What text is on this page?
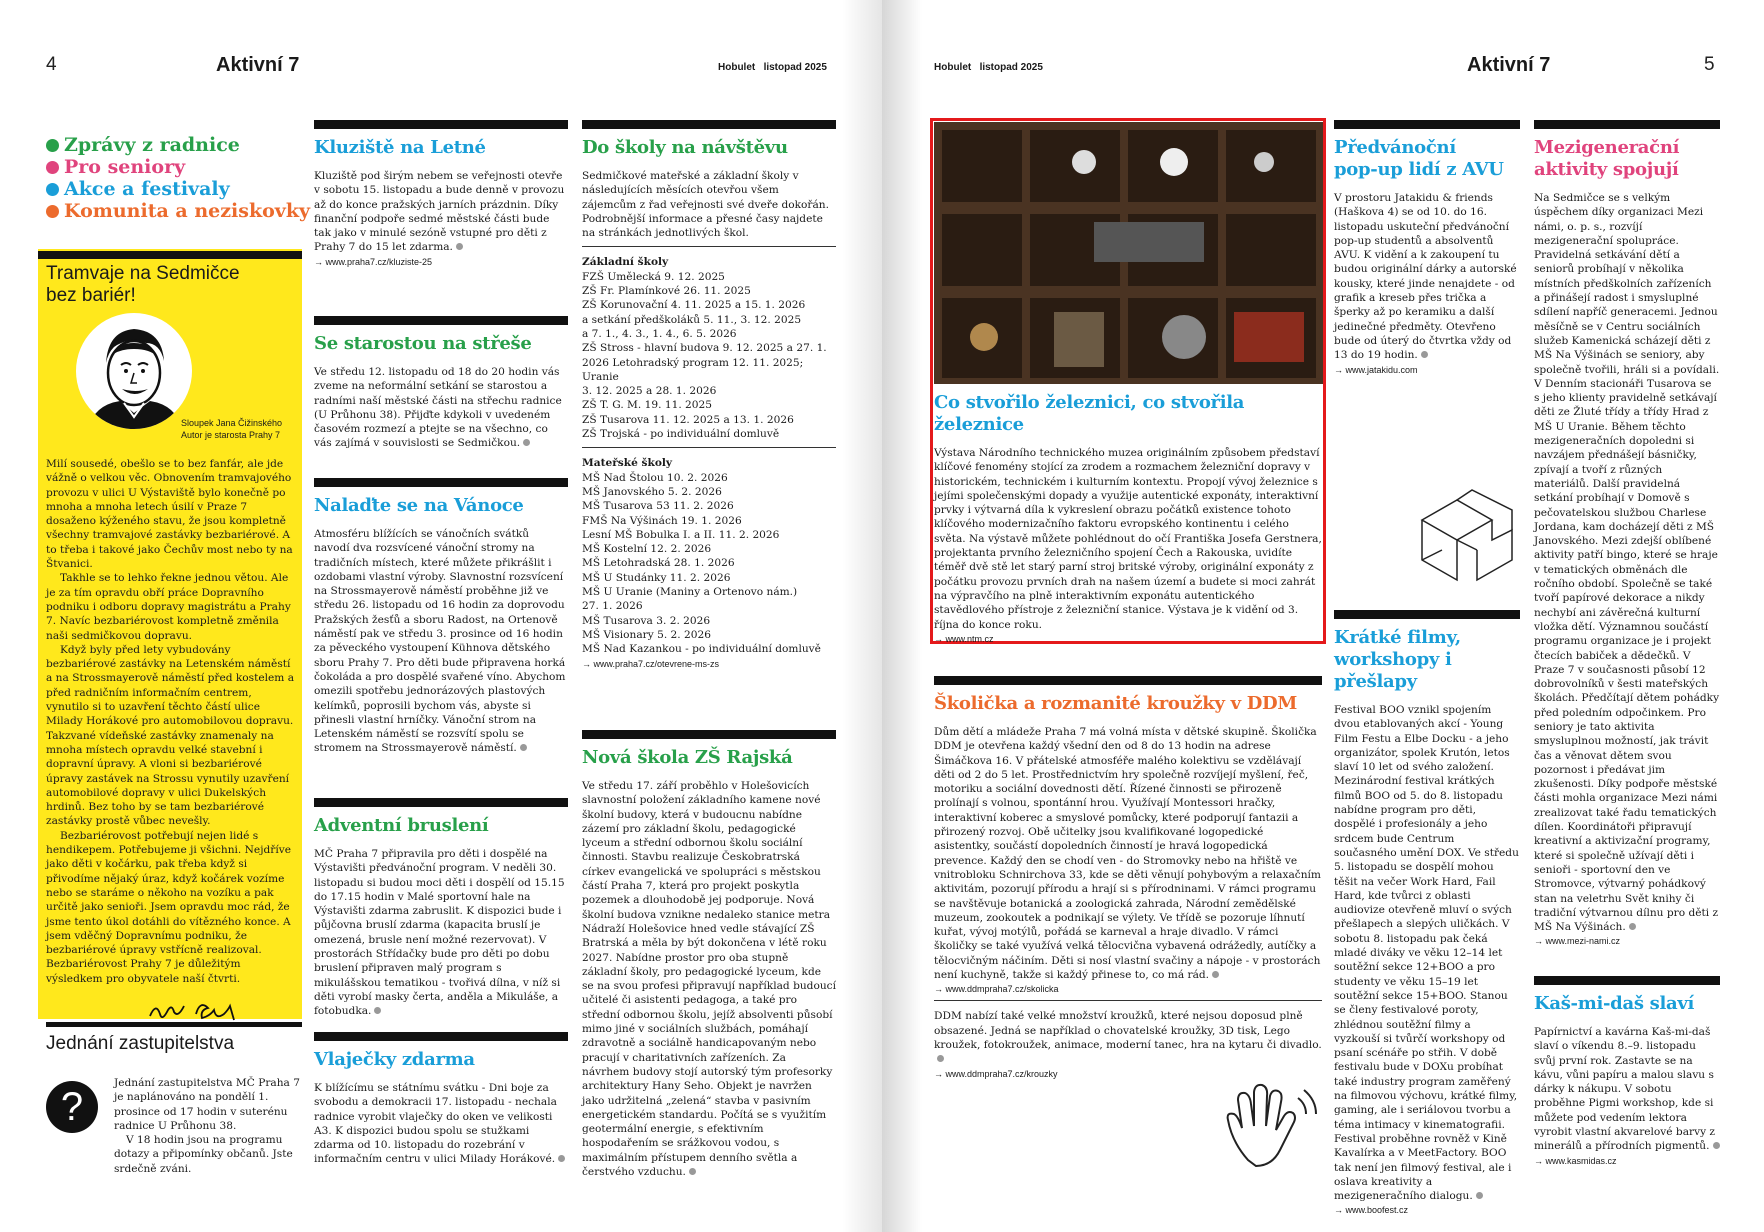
4	Aktivní 7	Hobulet listopad 2025
Zprávy z radnice
Pro seniory
Akce a festivaly
Komunita a neziskovky
Tramvaje na Sedmičce
bez bariér!
Sloupek Jana Čižinského
Autor je starosta Prahy 7

Milí sousedé, obešlo se to bez fanfár, ale jde vážně o velkou věc. Obnovením tramvajového provozu v ulici U Výstaviště bylo konečně po mnoha a mnoha letech úsilí v Praze 7 dosaženo kýženého stavu, že jsou kompletně všechny tramvajové zastávky bezbariérové. A to třeba i takové jako Čechův most nebo ty na Štvanici.

Takhle se to lehko řekne jednou větou. Ale je za tím opravdu obří práce Dopravního podniku i odboru dopravy magistrátu a Prahy 7. Navíc bezbariérovost kompletně změnila naši sedmičkovou dopravu.

Když byly před lety vybudovány bezbariérové zastávky na Letenském náměstí a na Strossmayerově náměstí před kostelem a před radničním informačním centrem, vynutilo si to uzavření těchto částí ulice Milady Horákové pro automobilovou dopravu. Takzvané vídeňské zastávky znamenaly na mnoha místech opravdu velké stavební i dopravní úpravy. A vloni si bezbariérové úpravy zastávek na Strossu vynutily uzavření automobilové dopravy v ulici Dukelských hrdinů. Bez toho by se tam bezbariérové zastávky prostě vůbec nevešly.

Bezbariérovost potřebují nejen lidé s hendikepem. Potřebujeme ji všichni. Nejdříve jako děti v kočárku, pak třeba když si přivodíme nějaký úraz, když kočárek vozíme nebo se staráme o někoho na vozíku a pak určitě jako senioři. Jsem opravdu moc rád, že jsme tento úkol dotáhli do vítězného konce. A jsem vděčný Dopravnímu podniku, že bezbariérové úpravy vstřícně realizoval. Bezbariérovost Prahy 7 je důležitým výsledkem pro obyvatele naší čtvrti.

Jednání zastupitelstva
?

Jednání zastupitelstva MČ Praha 7 je naplánováno na pondělí 1. prosince od 17 hodin v suterénu radnice U Průhonu 38.

V 18 hodin jsou na programu dotazy a připomínky občanů. Jste srdečně zváni.

Kluziště na Letné

Kluziště pod širým nebem se veřejnosti otevře v sobotu 15. listopadu a bude denně v provozu až do konce pražských jarních prázdnin. Díky finanční podpoře sedmé městské části bude tak jako v minulé sezóně vstupné pro děti z Prahy 7 do 15 let zdarma.

→ www.praha7.cz/kluziste-25
Se starostou na střeše

Ve středu 12. listopadu od 18 do 20 hodin vás zveme na neformální setkání se starostou a radními naší městské části na střechu radnice (U Průhonu 38). Přijďte kdykoli v uvedeném časovém rozmezí a ptejte se na všechno, co vás zajímá v souvislosti se Sedmičkou.

Nalaďte se na Vánoce

Atmosféru blížících se vánočních svátků navodí dva rozsvícené vánoční stromy na tradičních místech, které můžete přikrášlit i ozdobami vlastní výroby. Slavnostní rozsvícení na Strossmayerově náměstí proběhne již ve středu 26. listopadu od 16 hodin za doprovodu Pražských žesťů a sboru Radost, na Ortenově náměstí pak ve středu 3. prosince od 16 hodin za pěveckého vystoupení Kühnova dětského sboru Prahy 7. Pro děti bude připravena horká čokoláda a pro dospělé svařené víno. Abychom omezili spotřebu jednorázových plastových kelímků, poprosili bychom vás, abyste si přinesli vlastní hrníčky. Vánoční strom na Letenském náměstí se rozsvítí spolu se stromem na Strossmayerově náměstí.

Adventní bruslení

MČ Praha 7 připravila pro děti i dospělé na Výstavišti předvánoční program. V neděli 30. listopadu si budou moci děti i dospělí od 15.15 do 17.15 hodin v Malé sportovní hale na Výstavišti zdarma zabruslit. K dispozici bude i půjčovna bruslí zdarma (kapacita bruslí je omezená, brusle není možné rezervovat). V prostorách Střídačky bude pro děti po dobu bruslení připraven malý program s mikulášskou tematikou - tvořivá dílna, v níž si děti vyrobí masky čerta, anděla a Mikuláše, a fotobudka.

Vlaječky zdarma

K blížícímu se státnímu svátku - Dni boje za svobodu a demokracii 17. listopadu - nechala radnice vyrobit vlaječky do oken ve velikosti A3. K dispozici budou spolu se stužkami zdarma od 10. listopadu do rozebrání v informačním centru v ulici Milady Horákové.

Do školy na návštěvu

Sedmičkové mateřské a základní školy v následujících měsících otevřou všem zájemcům z řad veřejnosti své dveře dokořán. Podrobnější informace a přesné časy najdete na stránkách jednotlivých škol.

Základní školy
FZŠ Umělecká 9. 12. 2025
ZŠ Fr. Plamínkové 26. 11. 2025
ZŠ Korunovační 4. 11. 2025 a 15. 1. 2026
a setkání předškoláků 5. 11., 3. 12. 2025
a 7. 1., 4. 3., 1. 4., 6. 5. 2026
ZŠ Stross - hlavní budova 9. 12. 2025 a 27. 1.
2026 Letohradský program 12. 11. 2025; Uranie
3. 12. 2025 a 28. 1. 2026
ZŠ T. G. M. 19. 11. 2025
ZŠ Tusarova 11. 12. 2025 a 13. 1. 2026
ZŠ Trojská - po individuální domluvě
Mateřské školy
MŠ Nad Štolou 10. 2. 2026
MŠ Janovského 5. 2. 2026
MŠ Tusarova 53 11. 2. 2026
FMŠ Na Výšinách 19. 1. 2026
Lesní MŠ Bobulka I. a II. 11. 2. 2026
MŠ Kostelní 12. 2. 2026
MŠ Letohradská 28. 1. 2026
MŠ U Studánky 11. 2. 2026
MŠ U Uranie (Maniny a Ortenovo nám.)
27. 1. 2026
MŠ Tusarova 3. 2. 2026
MŠ Visionary 5. 2. 2026
MŠ Nad Kazankou - po individuální domluvě
→ www.praha7.cz/otevrene-ms-zs
Nová škola ZŠ Rajská

Ve středu 17. září proběhlo v Holešovicích slavnostní položení základního kamene nové školní budovy, která v budoucnu nabídne zázemí pro základní školu, pedagogické lyceum a střední odbornou školu sociální činnosti. Stavbu realizuje Českobratrská církev evangelická ve spolupráci s městskou částí Praha 7, která pro projekt poskytla pozemek a dlouhodobě jej podporuje. Nová školní budova vznikne nedaleko stanice metra Nádraží Holešovice hned vedle stávající ZŠ Bratrská a měla by být dokončena v létě roku 2027. Nabídne prostor pro oba stupně základní školy, pro pedagogické lyceum, kde se na svou profesi připravují například budoucí učitelé či asistenti pedagoga, a také pro střední odbornou školu, jejíž absolventi působí mimo jiné v sociálních službách, pomáhají zdravotně a sociálně handicapovaným nebo pracují v charitativních zařízeních. Za návrhem budovy stojí autorský tým profesorky architektury Hany Seho. Objekt je navržen jako udržitelná „zelená“ stavba v pasivním energetickém standardu. Počítá se s využitím geotermální energie, s efektivním hospodařením se srážkovou vodou, s maximálním přístupem denního světla a čerstvého vzduchu.

Hobulet listopad 2025	Aktivní 7	5
Co stvořilo železnici, co stvořila železnice

Výstava Národního technického muzea originálním způsobem představí klíčové fenomény stojící za zrodem a rozmachem železniční dopravy v historickém, technickém i kulturním kontextu. Propojí vývoj železnice s jejími společenskými dopady a využije autentické exponáty, interaktivní prvky i výtvarná díla k vykreslení obrazu počátků existence tohoto klíčového modernizačního faktoru evropského kontinentu i celého světa. Na výstavě můžete pohlédnout do očí Františka Josefa Gerstnera, projektanta prvního železničního spojení Čech a Rakouska, uvidíte téměř dvě stě let starý parní stroj britské výroby, originální exponáty z počátku provozu prvních drah na našem území a budete si moci zahrát na výpravčího na plně interaktivním exponátu autentického stavědlového přístroje z železniční stanice. Výstava je k vidění od 3. října do konce roku.

→ www.ntm.cz
Školička a rozmanité kroužky v DDM

Dům dětí a mládeže Praha 7 má volná místa v dětské skupině. Školička DDM je otevřena každý všední den od 8 do 13 hodin na adrese Šimáčkova 16. V přátelské atmosféře malého kolektivu se vzdělávají děti od 2 do 5 let. Prostřednictvím hry společně rozvíjejí myšlení, řeč, motoriku a sociální dovednosti dětí. Řízené činnosti se přirozeně prolínají s volnou, spontánní hrou. Využívají Montessori hračky, interaktivní koberec a smyslové pomůcky, které podporují fantazii a přirozený rozvoj. Obě učitelky jsou kvalifikované logopedické asistentky, součástí dopoledních činností je hravá logopedická prevence. Každý den se chodí ven - do Stromovky nebo na hřiště ve vnitrobloku Schnirchova 33, kde se děti věnují pohybovým a relaxačním aktivitám, pozorují přírodu a hrají si s přírodninami. V rámci programu se navštěvuje botanická a zoologická zahrada, Národní zemědělské muzeum, zookoutek a podnikají se výlety. Ve třídě se pozoruje líhnutí kuřat, vývoj motýlů, pořádá se karneval a hraje divadlo. V rámci školičky se také využívá velká tělocvična vybavená odrážedly, autíčky a tělocvičným náčiním. Děti si nosí vlastní svačiny a nápoje - v prostorách není kuchyně, takže si každý přinese to, co má rád.

→ www.ddmpraha7.cz/skolicka

DDM nabízí také velké množství kroužků, které nejsou doposud plně obsazené. Jedná se například o chovatelské kroužky, 3D tisk, Lego kroužek, fotokroužek, animace, moderní tanec, hra na kytaru či divadlo.

→ www.ddmpraha7.cz/krouzky
Předvánoční
pop-up lidí z AVU

V prostoru Jatakidu & friends (Haškova 4) se od 10. do 16. listopadu uskuteční předvánoční pop-up studentů a absolventů AVU. K vidění a k zakoupení tu budou originální dárky a autorské kousky, které jinde nenajdete - od grafik a kreseb přes trička a šperky až po keramiku a další jedinečné předměty. Otevřeno bude od úterý do čtvrtka vždy od 13 do 19 hodin.

→ www.jatakidu.com
Krátké filmy,
workshopy i přešlapy

Festival BOO vznikl spojením dvou etablovaných akcí - Young Film Festu a Elbe Docku - a jeho organizátor, spolek Krutón, letos slaví 10 let od svého založení. Mezinárodní festival krátkých filmů BOO od 5. do 8. listopadu nabídne program pro děti, dospělé i profesionály a jeho srdcem bude Centrum současného umění DOX. Ve středu 5. listopadu se dospělí mohou těšit na večer Work Hard, Fail Hard, kde tvůrci z oblasti audiovize otevřeně mluví o svých přešlapech a slepých uličkách. V sobotu 8. listopadu pak čeká mladé diváky ve věku 12–14 let soutěžní sekce 12+BOO a pro studenty ve věku 15–19 let soutěžní sekce 15+BOO. Stanou se členy festivalové poroty, zhlédnou soutěžní filmy a vyzkouší si tvůrčí workshopy od psaní scénáře po střih. V době festivalu bude v DOXu probíhat také industry program zaměřený na filmovou výchovu, krátké filmy, gaming, ale i seriálovou tvorbu a téma intimacy v kinematografii. Festival proběhne rovněž v Kině Kavalírka a v MeetFactory. BOO tak není jen filmový festival, ale i oslava kreativity a mezigeneračního dialogu.

→ www.boofest.cz
Mezigenerační
aktivity spojují

Na Sedmičce se s velkým úspěchem díky organizaci Mezi námi, o. p. s., rozvíjí mezigenerační spolupráce. Pravidelná setkávání dětí a seniorů probíhají v několika místních předškolních zařízeních a přinášejí radost i smysluplné sdílení napříč generacemi. Jednou měsíčně se v Centru sociálních služeb Kamenická scházejí děti z MŠ Na Výšinách se seniory, aby společně tvořili, hráli si a povídali. V Denním stacionáři Tusarova se s jeho klienty pravidelně setkávají děti ze Žluté třídy a třídy Hrad z MŠ U Uranie. Během těchto mezigeneračních dopoledni si navzájem přednášejí básničky, zpívají a tvoří z různých materiálů. Další pravidelná setkání probíhají v Domově s pečovatelskou službou Charlese Jordana, kam docházejí děti z MŠ Janovského. Mezi zdejší oblíbené aktivity patří bingo, které se hraje v tematických obměnách dle ročního období. Společně se také tvoří papírové dekorace a nikdy nechybí ani závěrečná kulturní vložka dětí. Významnou součástí programu organizace je i projekt čtecích babiček a dědečků. V Praze 7 v současnosti působí 12 dobrovolníků v šesti mateřských školách. Předčítají dětem pohádky před poledním odpočinkem. Pro seniory je tato aktivita smysluplnou možností, jak trávit čas a věnovat dětem svou pozornost i předávat jim zkušenosti. Díky podpoře městské části mohla organizace Mezi námi zrealizovat také řadu tematických dílen. Koordinátoři připravují kreativní a aktivizační programy, které si společně užívají děti i senioři - sportovní den ve Stromovce, výtvarný pohádkový stan na veletrhu Svět knihy či tradiční výtvarnou dílnu pro děti z MŠ Na Výšinách.

→ www.mezi-nami.cz
Kaš-mi-daš slaví

Papírnictví a kavárna Kaš-mi-daš slaví o víkendu 8.–9. listopadu svůj první rok. Zastavte se na kávu, vůni papíru a malou slavu s dárky k nákupu. V sobotu proběhne Pigmi workshop, kde si můžete pod vedením lektora vyrobit vlastní akvarelové barvy z minerálů a přírodních pigmentů.

→ www.kasmidas.cz
